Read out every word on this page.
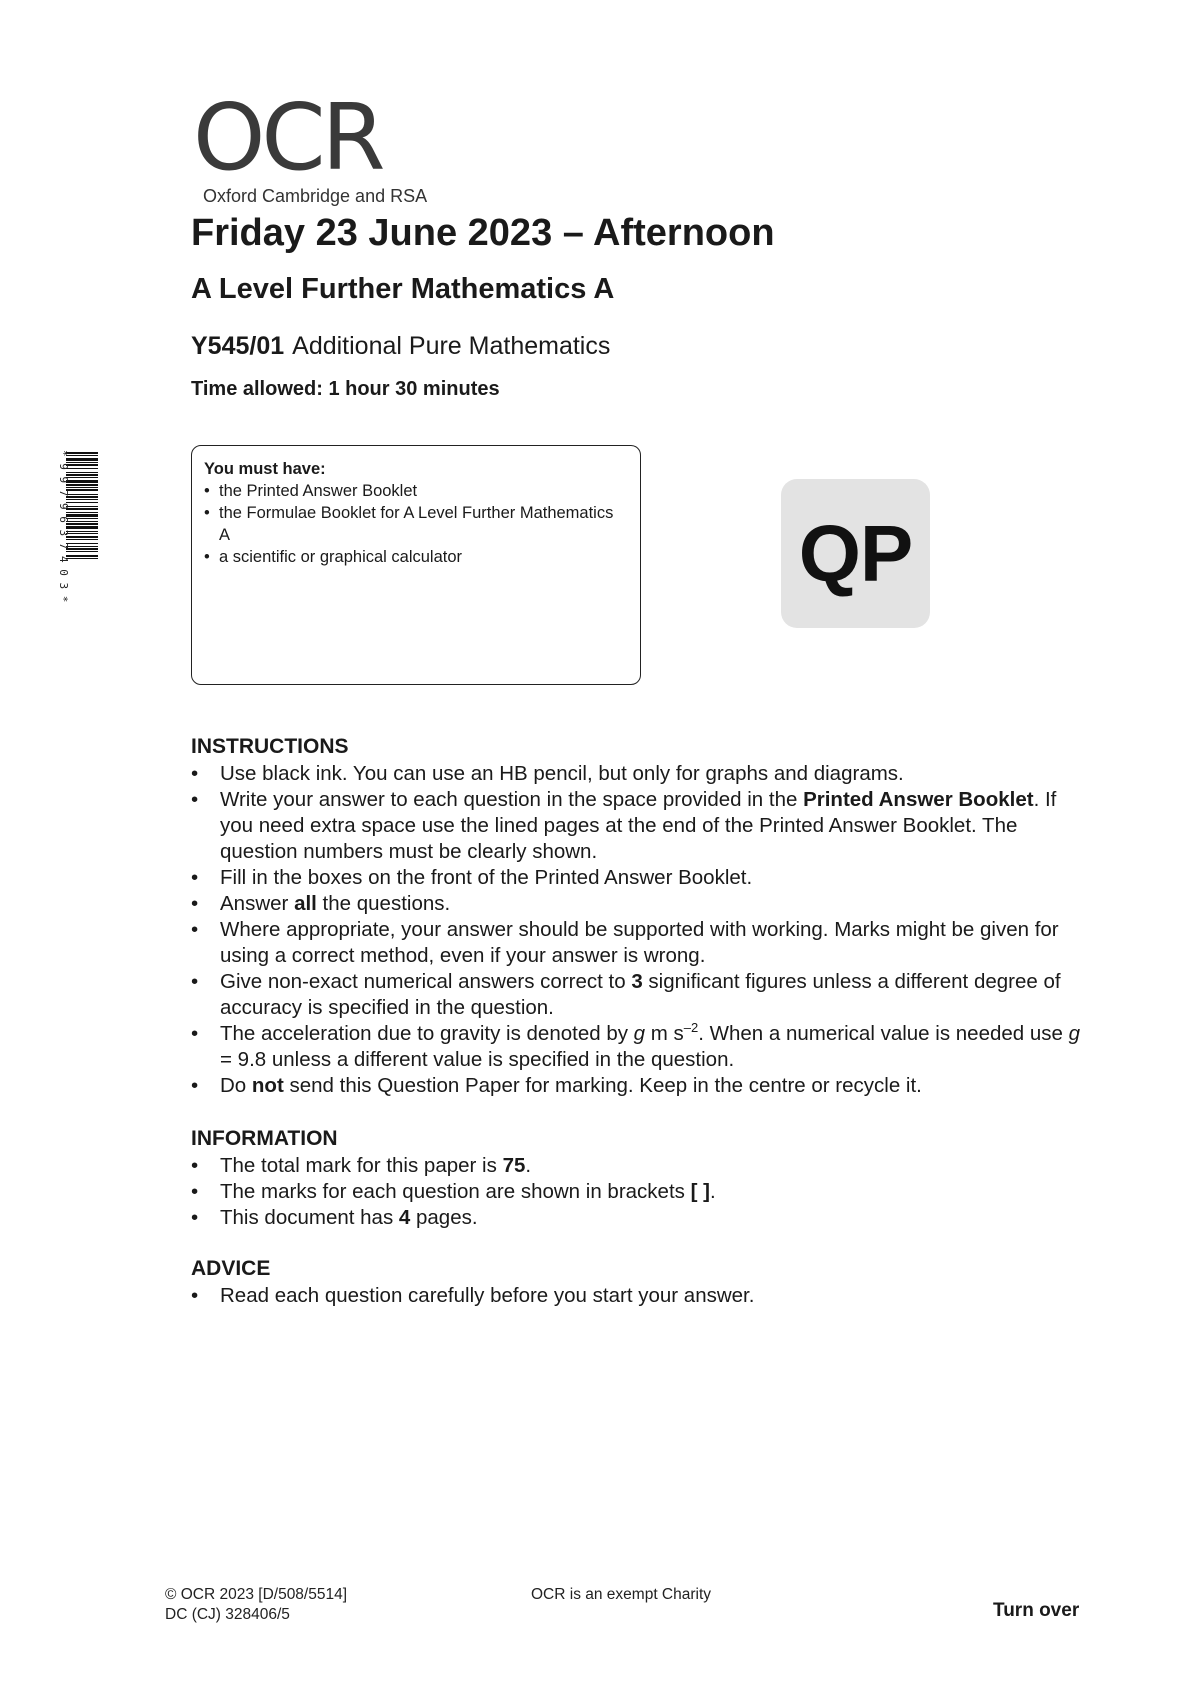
OCR
Oxford Cambridge and RSA
Friday 23 June 2023 – Afternoon
A Level Further Mathematics A
Y545/01 Additional Pure Mathematics
Time allowed: 1 hour 30 minutes
* 9 9 7 9 6 3 7 4 0 3 *	You must have:
• the Printed Answer Booklet
• the Formulae Booklet for A Level Further Mathematics A
• a scientific or graphical calculator	QP
INSTRUCTIONS
• Use black ink. You can use an HB pencil, but only for graphs and diagrams.
• Write your answer to each question in the space provided in the Printed Answer Booklet. If you need extra space use the lined pages at the end of the Printed Answer Booklet. The question numbers must be clearly shown.
• Fill in the boxes on the front of the Printed Answer Booklet.
• Answer all the questions.
• Where appropriate, your answer should be supported with working. Marks might be given for using a correct method, even if your answer is wrong.
• Give non-exact numerical answers correct to 3 significant figures unless a different degree of accuracy is specified in the question.
• The acceleration due to gravity is denoted by g m $s^{-2}$. When a numerical value is needed use g = 9.8 unless a different value is specified in the question.
• Do not send this Question Paper for marking. Keep in the centre or recycle it.
INFORMATION
• The total mark for this paper is 75.
• The marks for each question are shown in brackets [ ].
• This document has 4 pages.
ADVICE
• Read each question carefully before you start your answer.
© OCR 2023 [D/508/5514]
DC (CJ) 328406/5
OCR is an exempt Charity
Turn over
